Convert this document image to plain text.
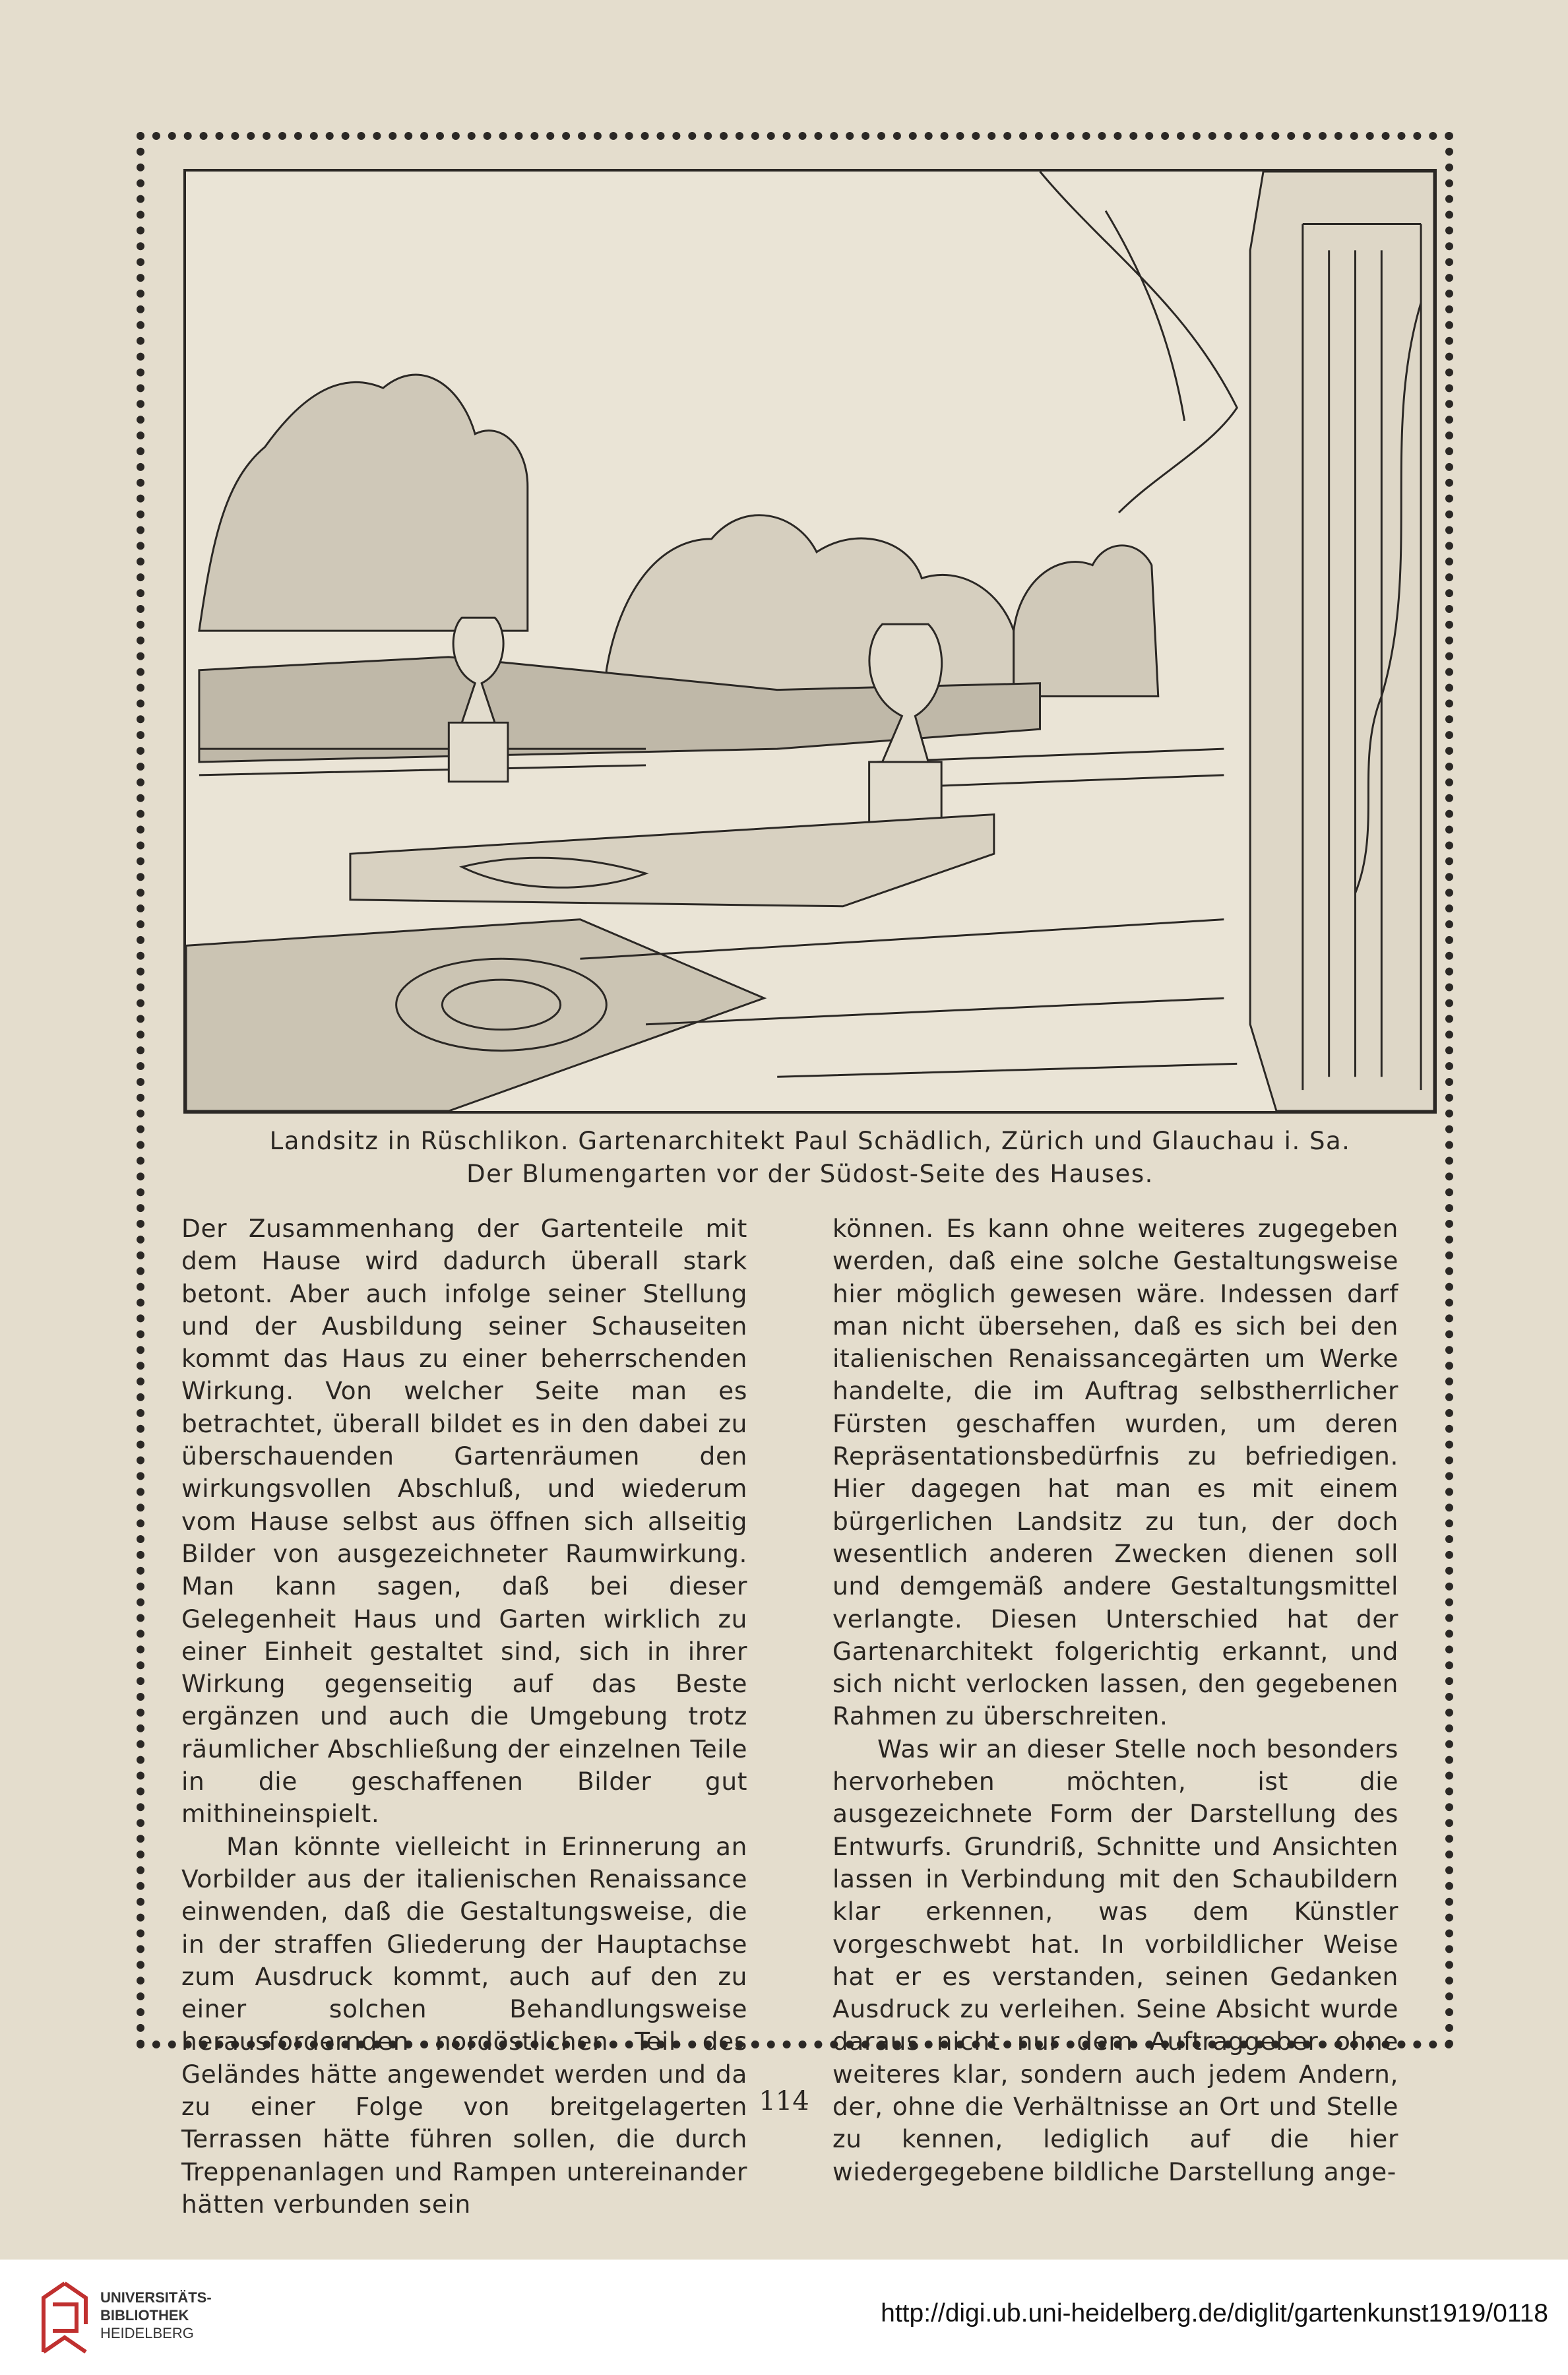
Landsitz in Rüschlikon. Gartenarchitekt Paul Schädlich, Zürich und Glauchau i. Sa.
Der Blumengarten vor der Südost-Seite des Hauses.

Der Zusammenhang der Gartenteile mit dem Hause wird dadurch überall stark betont. Aber auch infolge seiner Stellung und der Ausbildung seiner Schauseiten kommt das Haus zu einer beherrschenden Wirkung. Von welcher Seite man es betrachtet, überall bildet es in den dabei zu überschauenden Gartenräumen den wirkungsvollen Abschluß, und wiederum vom Hause selbst aus öffnen sich allseitig Bilder von ausgezeichneter Raumwirkung. Man kann sagen, daß bei dieser Gelegenheit Haus und Garten wirklich zu einer Einheit gestaltet sind, sich in ihrer Wirkung gegenseitig auf das Beste ergänzen und auch die Umgebung trotz räumlicher Abschließung der einzelnen Teile in die geschaffenen Bilder gut mithineinspielt.

Man könnte vielleicht in Erinnerung an Vorbilder aus der italienischen Renaissance einwenden, daß die Gestaltungsweise, die in der straffen Gliederung der Hauptachse zum Ausdruck kommt, auch auf den zu einer solchen Behandlungsweise herausfordernden nordöstlichen Teil des Geländes hätte angewendet werden und da zu einer Folge von breitgelagerten Terrassen hätte führen sollen, die durch Treppenanlagen und Rampen untereinander hätten verbunden sein

können. Es kann ohne weiteres zugegeben werden, daß eine solche Gestaltungsweise hier möglich gewesen wäre. Indessen darf man nicht übersehen, daß es sich bei den italienischen Renaissancegärten um Werke handelte, die im Auftrag selbstherrlicher Fürsten geschaffen wurden, um deren Repräsentationsbedürfnis zu befriedigen. Hier dagegen hat man es mit einem bürgerlichen Landsitz zu tun, der doch wesentlich anderen Zwecken dienen soll und demgemäß andere Gestaltungsmittel verlangte. Diesen Unterschied hat der Gartenarchitekt folgerichtig erkannt, und sich nicht verlocken lassen, den gegebenen Rahmen zu überschreiten.

Was wir an dieser Stelle noch besonders hervorheben möchten, ist die ausgezeichnete Form der Darstellung des Entwurfs. Grundriß, Schnitte und Ansichten lassen in Verbindung mit den Schaubildern klar erkennen, was dem Künstler vorgeschwebt hat. In vorbildlicher Weise hat er es verstanden, seinen Gedanken Ausdruck zu verleihen. Seine Absicht wurde daraus nicht nur dem Auftraggeber ohne weiteres klar, sondern auch jedem Andern, der, ohne die Verhältnisse an Ort und Stelle zu kennen, lediglich auf die hier wiedergegebene bildliche Darstellung ange-

114
UNIVERSITÄTS-
BIBLIOTHEK
HEIDELBERG
http://digi.ub.uni-heidelberg.de/diglit/gartenkunst1919/0118
